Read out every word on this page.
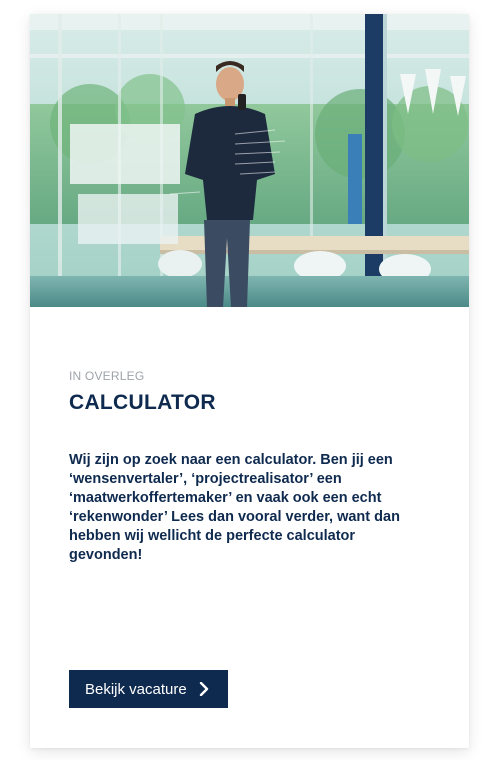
IN OVERLEG
CALCULATOR

Wij zijn op zoek naar een calculator. Ben jij een ‘wensenvertaler’, ‘projectrealisator’ een ‘maatwerkoffertemaker’ en vaak ook een echt ‘rekenwonder’ Lees dan vooral verder, want dan hebben wij wellicht de perfecte calculator gevonden!

Bekijk vacature
